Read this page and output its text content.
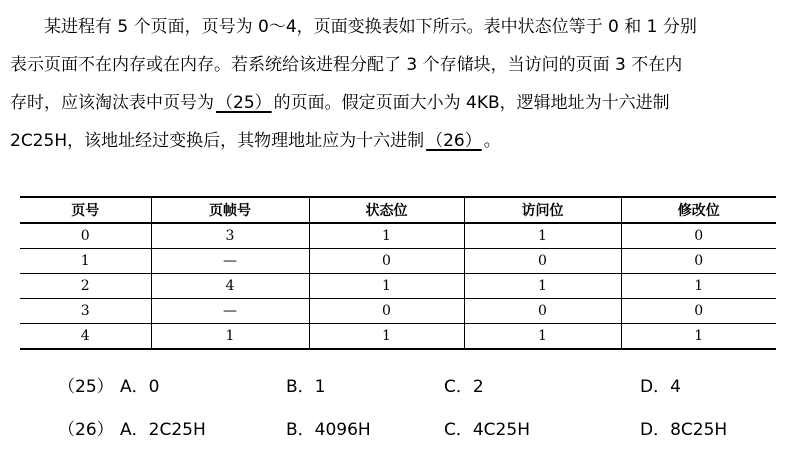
　　某进程有 5 个页面，页号为 0～4，页面变换表如下所示。表中状态位等于 0 和 1 分别
表示页面不在内存或在内存。若系统给该进程分配了 3 个存储块，当访问的页面 3 不在内
存时，应该淘汰表中页号为 （25） 的页面。假定页面大小为 4KB，逻辑地址为十六进制
2C25H，该地址经过变换后，其物理地址应为十六进制 （26） 。
页号	页帧号	状态位	访问位	修改位
0	3	1	1	0
1	—	0	0	0
2	4	1	1	1
3	—	0	0	0
4	1	1	1	1
（25） A．0	B．1	C．2	D．4
（26） A．2C25H	B．4096H	C．4C25H	D．8C25H
